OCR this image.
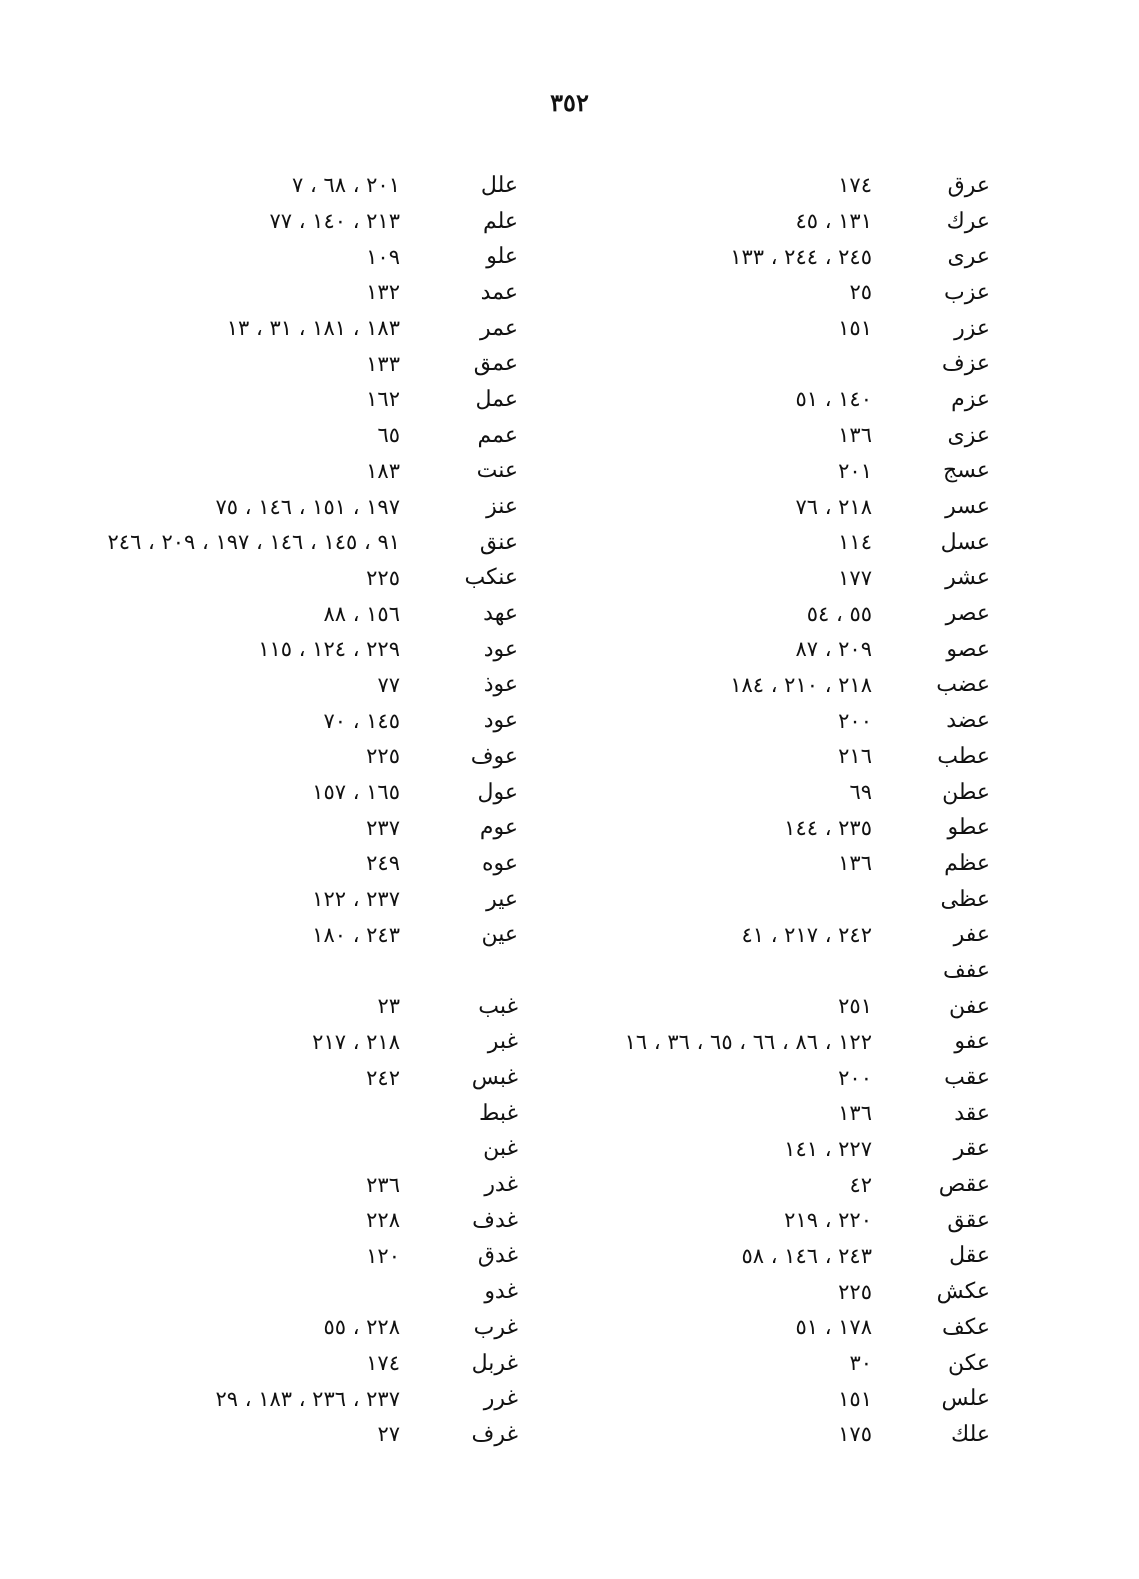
٣٥٢
عرق
١٧٤
عرك
١٣١ ، ٤٥
عرى
٢٤٥ ، ٢٤٤ ، ١٣٣
عزب
٢٥
عزر
١٥١
عزف
عزم
١٤٠ ، ٥١
عزى
١٣٦
عسج
٢٠١
عسر
٢١٨ ، ٧٦
عسل
١١٤
عشر
١٧٧
عصر
٥٥ ، ٥٤
عصو
٢٠٩ ، ٨٧
عضب
٢١٨ ، ٢١٠ ، ١٨٤
عضد
٢٠٠
عطب
٢١٦
عطن
٦٩
عطو
٢٣٥ ، ١٤٤
عظم
١٣٦
عظى
عفر
٢٤٢ ، ٢١٧ ، ٤١
عفف
عفن
٢٥١
عفو
١٢٢ ، ٨٦ ، ٦٦ ، ٦٥ ، ٣٦ ، ١٦
عقب
٢٠٠
عقد
١٣٦
عقر
٢٢٧ ، ١٤١
عقص
٤٢
عقق
٢٢٠ ، ٢١٩
عقل
٢٤٣ ، ١٤٦ ، ٥٨
عكش
٢٢٥
عكف
١٧٨ ، ٥١
عكن
٣٠
علس
١٥١
علك
١٧٥
علل
٢٠١ ، ٦٨ ، ٧
علم
٢١٣ ، ١٤٠ ، ٧٧
علو
١٠٩
عمد
١٣٢
عمر
١٨٣ ، ١٨١ ، ٣١ ، ١٣
عمق
١٣٣
عمل
١٦٢
عمم
٦٥
عنت
١٨٣
عنز
١٩٧ ، ١٥١ ، ١٤٦ ، ٧٥
عنق
٩١ ، ١٤٥ ، ١٤٦ ، ١٩٧ ، ٢٠٩ ، ٢٤٦
عنكب
٢٢٥
عهد
١٥٦ ، ٨٨
عود
٢٢٩ ، ١٢٤ ، ١١٥
عوذ
٧٧
عود
١٤٥ ، ٧٠
عوف
٢٢٥
عول
١٦٥ ، ١٥٧
عوم
٢٣٧
عوه
٢٤٩
عير
٢٣٧ ، ١٢٢
عين
٢٤٣ ، ١٨٠
غبب
٢٣
غبر
٢١٨ ، ٢١٧
غبس
٢٤٢
غبط
غبن
غدر
٢٣٦
غدف
٢٢٨
غدق
١٢٠
غدو
غرب
٢٢٨ ، ٥٥
غربل
١٧٤
غرر
٢٣٧ ، ٢٣٦ ، ١٨٣ ، ٢٩
غرف
٢٧
